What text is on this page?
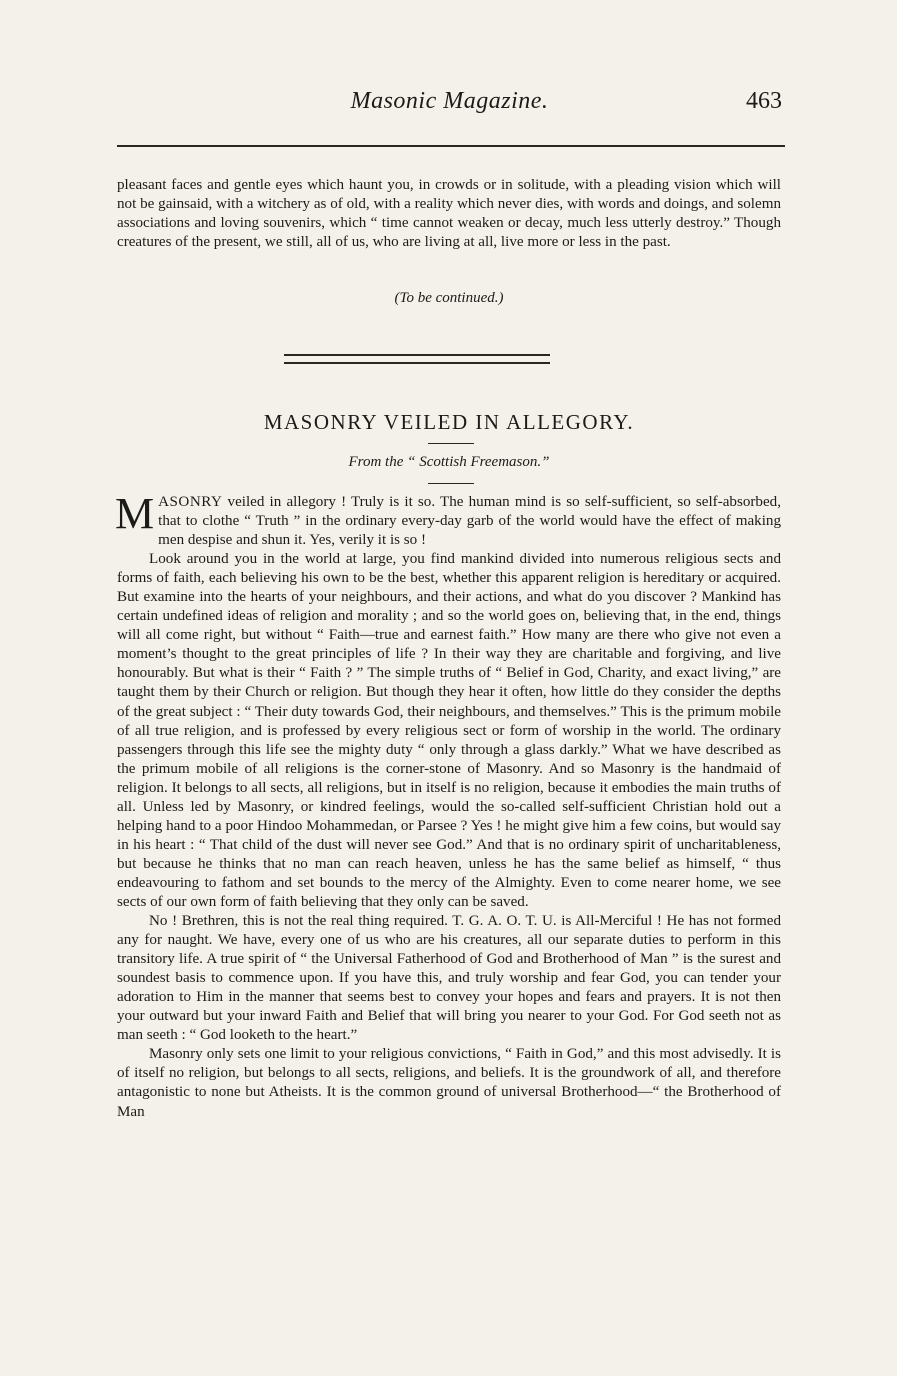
Masonic Magazine.	463

pleasant faces and gentle eyes which haunt you, in crowds or in solitude, with a pleading vision which will not be gainsaid, with a witchery as of old, with a reality which never dies, with words and doings, and solemn associations and loving souvenirs, which “ time cannot weaken or decay, much less utterly destroy.” Though creatures of the present, we still, all of us, who are living at all, live more or less in the past.

(To be continued.)
MASONRY VEILED IN ALLEGORY.
From the “ Scottish Freemason.”

MASONRY veiled in allegory ! Truly is it so. The human mind is so self-sufficient, so self-absorbed, that to clothe “ Truth ” in the ordinary every-day garb of the world would have the effect of making men despise and shun it. Yes, verily it is so !

Look around you in the world at large, you find mankind divided into numerous religious sects and forms of faith, each believing his own to be the best, whether this apparent religion is hereditary or acquired. But examine into the hearts of your neighbours, and their actions, and what do you discover ? Mankind has certain undefined ideas of religion and morality ; and so the world goes on, believing that, in the end, things will all come right, but without “ Faith—true and earnest faith.” How many are there who give not even a moment’s thought to the great principles of life ? In their way they are charitable and forgiving, and live honourably. But what is their “ Faith ? ” The simple truths of “ Belief in God, Charity, and exact living,” are taught them by their Church or religion. But though they hear it often, how little do they consider the depths of the great subject : “ Their duty towards God, their neighbours, and themselves.” This is the primum mobile of all true religion, and is professed by every religious sect or form of worship in the world. The ordinary passengers through this life see the mighty duty “ only through a glass darkly.” What we have described as the primum mobile of all religions is the corner-stone of Masonry. And so Masonry is the handmaid of religion. It belongs to all sects, all religions, but in itself is no religion, because it embodies the main truths of all. Unless led by Masonry, or kindred feelings, would the so-called self-sufficient Christian hold out a helping hand to a poor Hindoo Mohammedan, or Parsee ? Yes ! he might give him a few coins, but would say in his heart : “ That child of the dust will never see God.” And that is no ordinary spirit of uncharitableness, but because he thinks that no man can reach heaven, unless he has the same belief as himself, “ thus endeavouring to fathom and set bounds to the mercy of the Almighty. Even to come nearer home, we see sects of our own form of faith believing that they only can be saved.

No ! Brethren, this is not the real thing required. T. G. A. O. T. U. is All-Merciful ! He has not formed any for naught. We have, every one of us who are his creatures, all our separate duties to perform in this transitory life. A true spirit of “ the Universal Fatherhood of God and Brotherhood of Man ” is the surest and soundest basis to commence upon. If you have this, and truly worship and fear God, you can tender your adoration to Him in the manner that seems best to convey your hopes and fears and prayers. It is not then your outward but your inward Faith and Belief that will bring you nearer to your God. For God seeth not as man seeth : “ God looketh to the heart.”

Masonry only sets one limit to your religious convictions, “ Faith in God,” and this most advisedly. It is of itself no religion, but belongs to all sects, religions, and beliefs. It is the groundwork of all, and therefore antagonistic to none but Atheists. It is the common ground of universal Brotherhood—“ the Brotherhood of Man
